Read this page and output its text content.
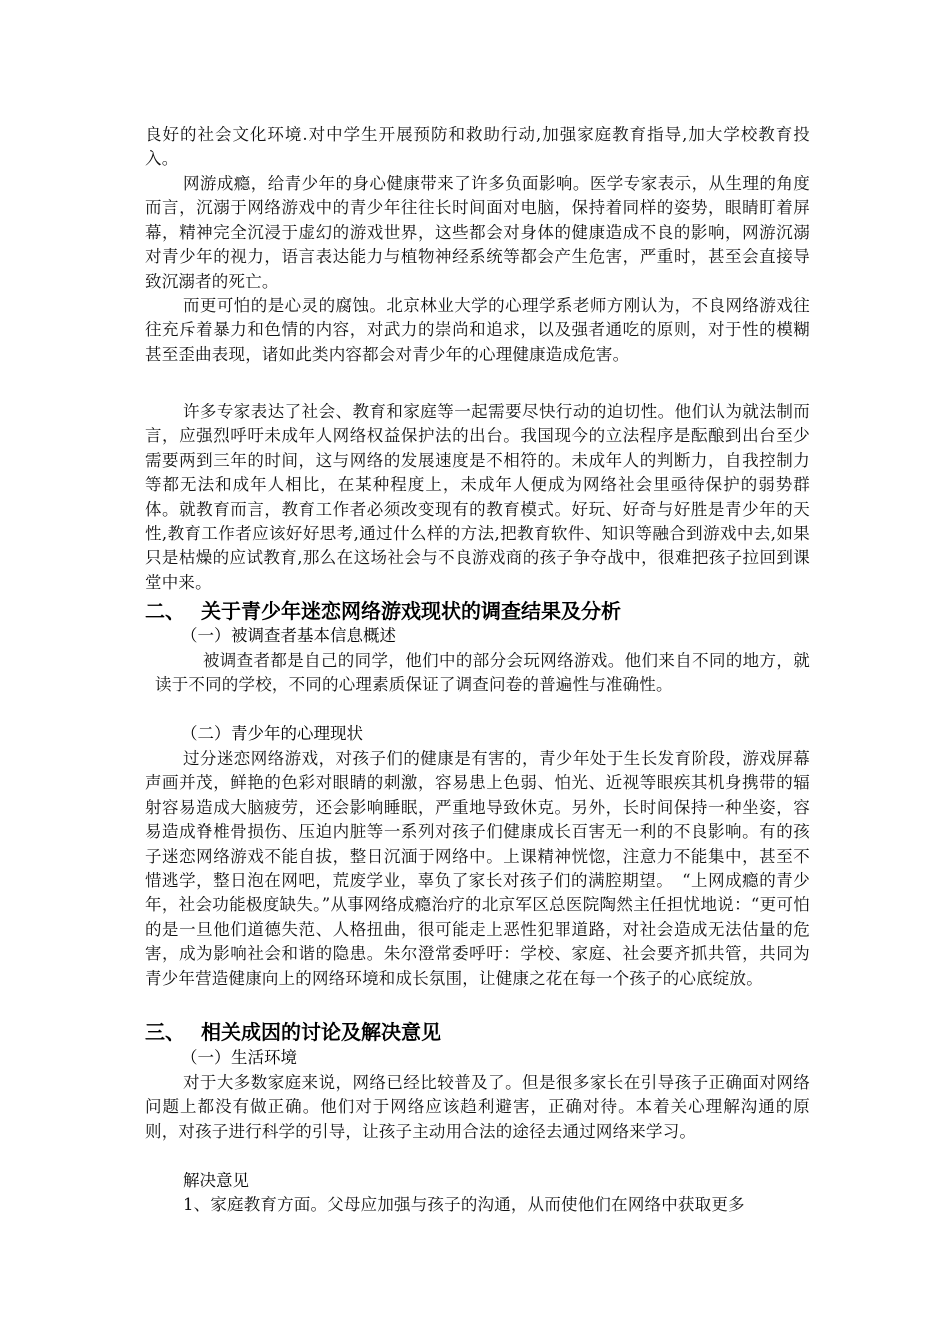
良好的社会文化环境.对中学生开展预防和救助行动,加强家庭教育指导,加大学校教育投入。
网游成瘾，给青少年的身心健康带来了许多负面影响。医学专家表示，从生理的角度而言，沉溺于网络游戏中的青少年往往长时间面对电脑，保持着同样的姿势，眼睛盯着屏幕，精神完全沉浸于虚幻的游戏世界，这些都会对身体的健康造成不良的影响，网游沉溺对青少年的视力，语言表达能力与植物神经系统等都会产生危害，严重时，甚至会直接导致沉溺者的死亡。
而更可怕的是心灵的腐蚀。北京林业大学的心理学系老师方刚认为，不良网络游戏往往充斥着暴力和色情的内容，对武力的崇尚和追求，以及强者通吃的原则，对于性的模糊甚至歪曲表现，诸如此类内容都会对青少年的心理健康造成危害。
许多专家表达了社会、教育和家庭等一起需要尽快行动的迫切性。他们认为就法制而言，应强烈呼吁未成年人网络权益保护法的出台。我国现今的立法程序是酝酿到出台至少需要两到三年的时间，这与网络的发展速度是不相符的。未成年人的判断力，自我控制力等都无法和成年人相比，在某种程度上，未成年人便成为网络社会里亟待保护的弱势群体。就教育而言，教育工作者必须改变现有的教育模式。好玩、好奇与好胜是青少年的天性,教育工作者应该好好思考,通过什么样的方法,把教育软件、知识等融合到游戏中去,如果只是枯燥的应试教育,那么在这场社会与不良游戏商的孩子争夺战中，很难把孩子拉回到课堂中来。
二、 关于青少年迷恋网络游戏现状的调查结果及分析
（一）被调查者基本信息概述
被调查者都是自己的同学，他们中的部分会玩网络游戏。他们来自不同的地方，就读于不同的学校，不同的心理素质保证了调查问卷的普遍性与准确性。
（二）青少年的心理现状
过分迷恋网络游戏，对孩子们的健康是有害的，青少年处于生长发育阶段，游戏屏幕声画并茂，鲜艳的色彩对眼睛的刺激，容易患上色弱、怕光、近视等眼疾其机身携带的辐射容易造成大脑疲劳，还会影响睡眠，严重地导致休克。另外，长时间保持一种坐姿，容易造成脊椎骨损伤、压迫内脏等一系列对孩子们健康成长百害无一利的不良影响。有的孩子迷恋网络游戏不能自拔，整日沉湎于网络中。上课精神恍惚，注意力不能集中，甚至不惜逃学，整日泡在网吧，荒废学业，辜负了家长对孩子们的满腔期望。　“上网成瘾的青少年，社会功能极度缺失。”从事网络成瘾治疗的北京军区总医院陶然主任担忧地说：“更可怕的是一旦他们道德失范、人格扭曲，很可能走上恶性犯罪道路，对社会造成无法估量的危害，成为影响社会和谐的隐患。朱尔澄常委呼吁：学校、家庭、社会要齐抓共管，共同为青少年营造健康向上的网络环境和成长氛围，让健康之花在每一个孩子的心底绽放。
三、 相关成因的讨论及解决意见
（一）生活环境
对于大多数家庭来说，网络已经比较普及了。但是很多家长在引导孩子正确面对网络问题上都没有做正确。他们对于网络应该趋利避害，正确对待。本着关心理解沟通的原则，对孩子进行科学的引导，让孩子主动用合法的途径去通过网络来学习。
解决意见
1、家庭教育方面。父母应加强与孩子的沟通，从而使他们在网络中获取更多
